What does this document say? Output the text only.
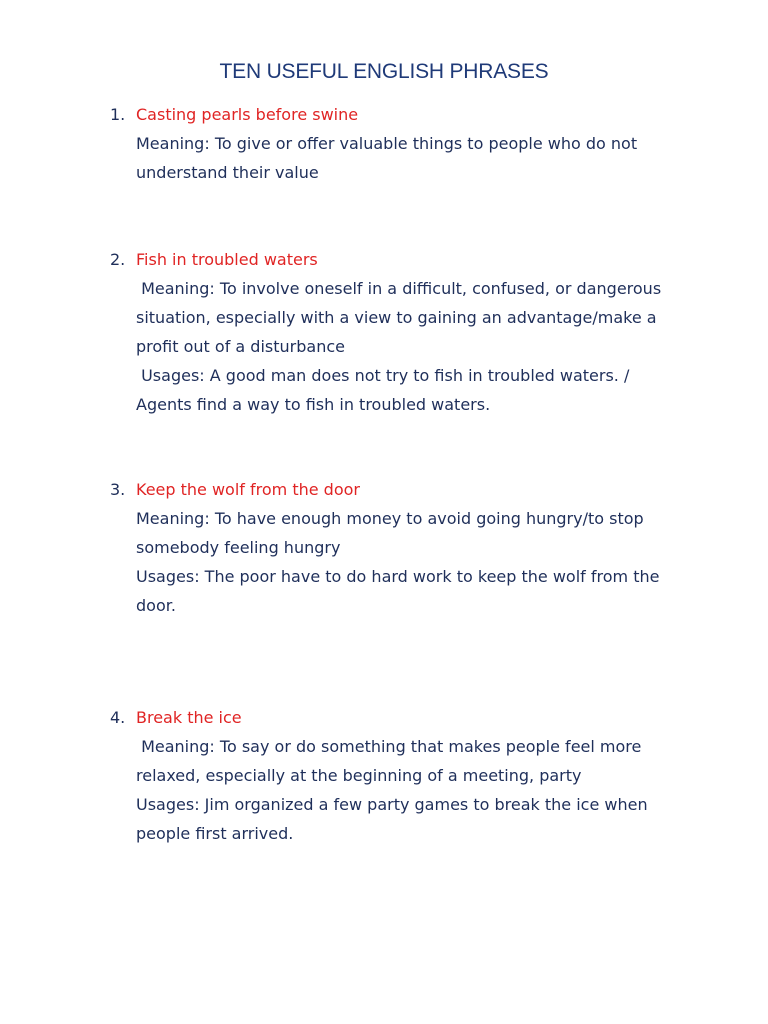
TEN USEFUL ENGLISH PHRASES
1. Casting pearls before swine
Meaning: To give or offer valuable things to people who do not
understand their value
2. Fish in troubled waters
Meaning: To involve oneself in a difficult, confused, or dangerous
situation, especially with a view to gaining an advantage/make a
profit out of a disturbance
Usages: A good man does not try to fish in troubled waters. /
Agents find a way to fish in troubled waters.
3. Keep the wolf from the door
Meaning: To have enough money to avoid going hungry/to stop
somebody feeling hungry
Usages: The poor have to do hard work to keep the wolf from the
door.
4. Break the ice
Meaning: To say or do something that makes people feel more
relaxed, especially at the beginning of a meeting, party
Usages: Jim organized a few party games to break the ice when
people first arrived.
